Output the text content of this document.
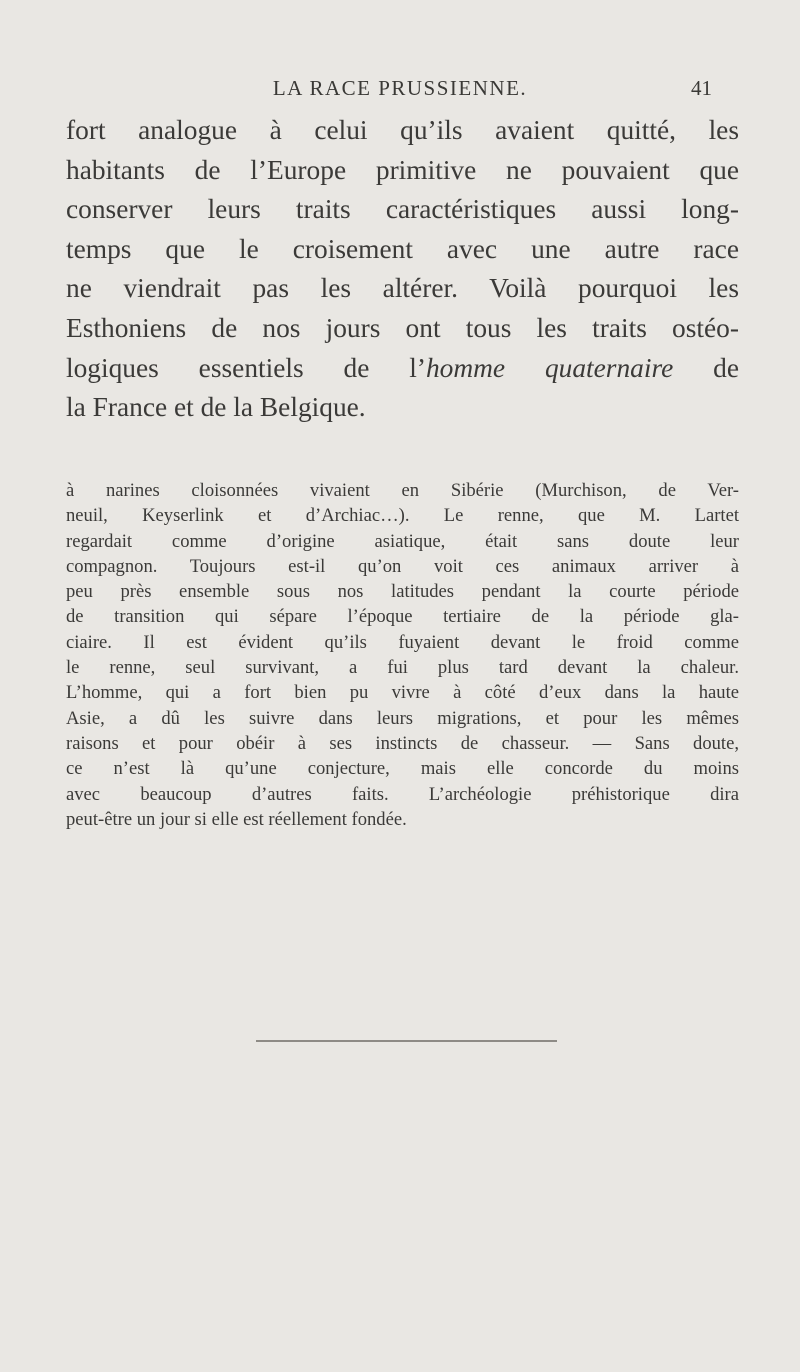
LA RACE PRUSSIENNE.	41
fort analogue à celui qu’ils avaient quitté, les
habitants de l’Europe primitive ne pouvaient que
conserver leurs traits caractéristiques aussi long-
temps que le croisement avec une autre race
ne viendrait pas les altérer. Voilà pourquoi les
Esthoniens de nos jours ont tous les traits ostéo-
logiques essentiels de l’homme quaternaire de
la France et de la Belgique.
à narines cloisonnées vivaient en Sibérie (Murchison, de Ver-
neuil, Keyserlink et d’Archiac…). Le renne, que M. Lartet
regardait comme d’origine asiatique, était sans doute leur
compagnon. Toujours est-il qu’on voit ces animaux arriver à
peu près ensemble sous nos latitudes pendant la courte période
de transition qui sépare l’époque tertiaire de la période gla-
ciaire. Il est évident qu’ils fuyaient devant le froid comme
le renne, seul survivant, a fui plus tard devant la chaleur.
L’homme, qui a fort bien pu vivre à côté d’eux dans la haute
Asie, a dû les suivre dans leurs migrations, et pour les mêmes
raisons et pour obéir à ses instincts de chasseur. — Sans doute,
ce n’est là qu’une conjecture, mais elle concorde du moins
avec beaucoup d’autres faits. L’archéologie préhistorique dira
peut-être un jour si elle est réellement fondée.
